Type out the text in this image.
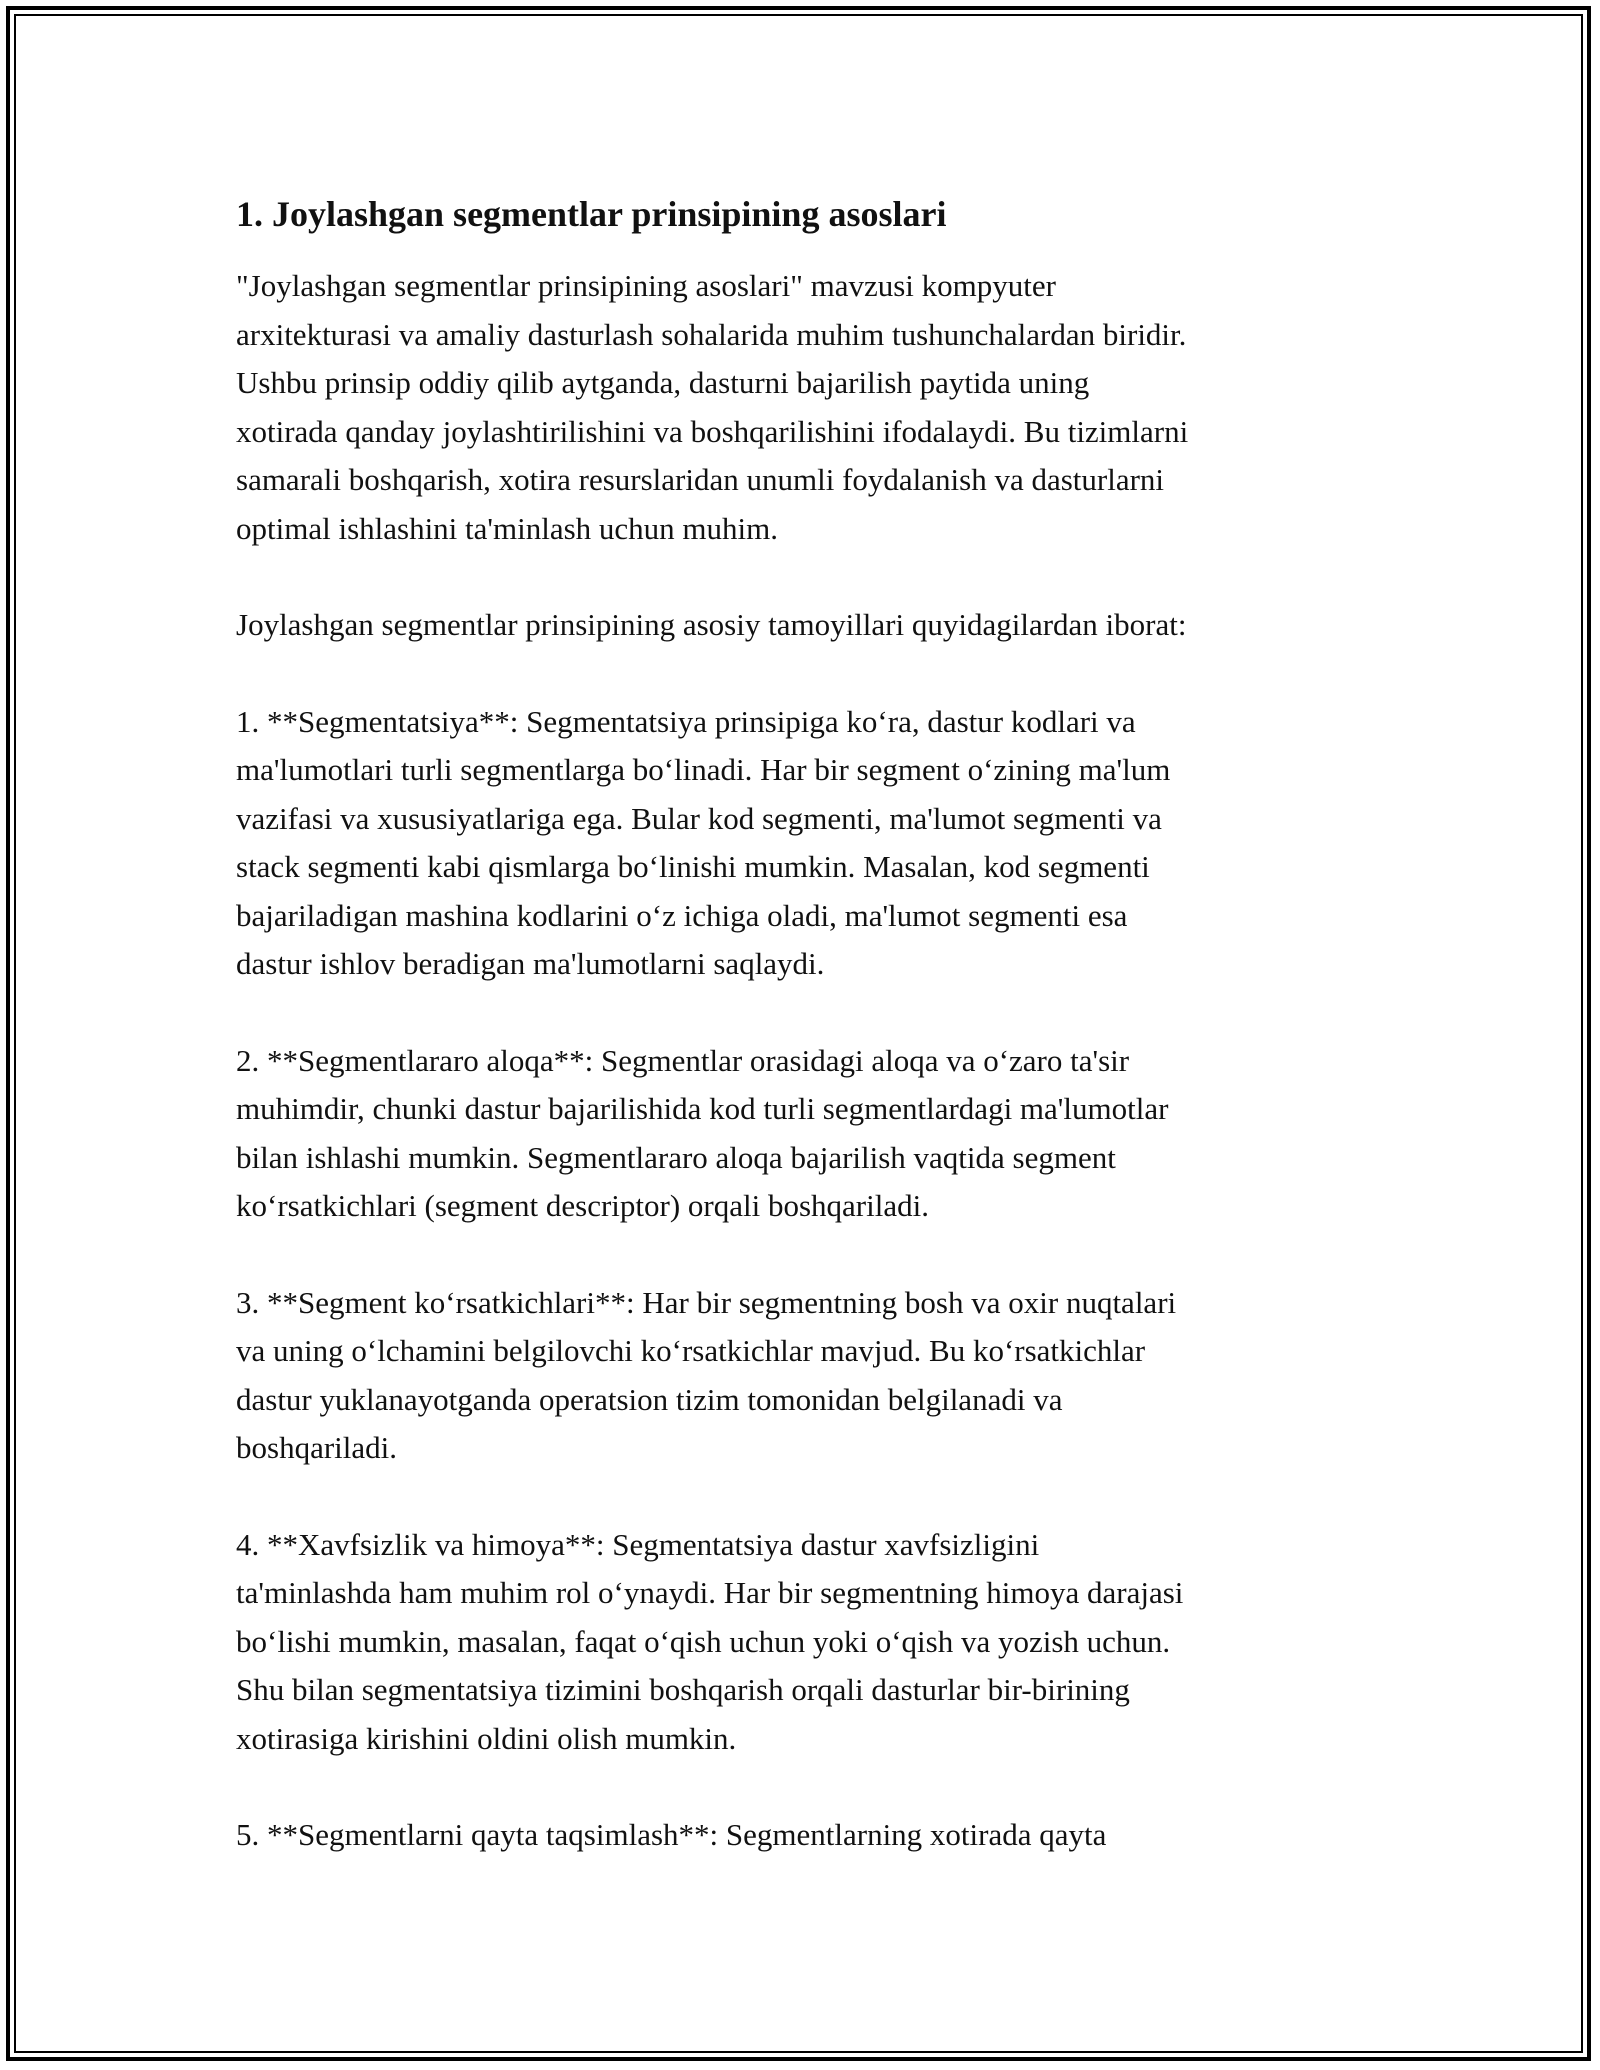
1. Joylashgan segmentlar prinsipining asoslari

"Joylashgan segmentlar prinsipining asoslari" mavzusi kompyuter
arxitekturasi va amaliy dasturlash sohalarida muhim tushunchalardan biridir.
Ushbu prinsip oddiy qilib aytganda, dasturni bajarilish paytida uning
xotirada qanday joylashtirilishini va boshqarilishini ifodalaydi. Bu tizimlarni
samarali boshqarish, xotira resurslaridan unumli foydalanish va dasturlarni
optimal ishlashini ta'minlash uchun muhim.

Joylashgan segmentlar prinsipining asosiy tamoyillari quyidagilardan iborat:

1. **Segmentatsiya**: Segmentatsiya prinsipiga ko‘ra, dastur kodlari va
ma'lumotlari turli segmentlarga bo‘linadi. Har bir segment o‘zining ma'lum
vazifasi va xususiyatlariga ega. Bular kod segmenti, ma'lumot segmenti va
stack segmenti kabi qismlarga bo‘linishi mumkin. Masalan, kod segmenti
bajariladigan mashina kodlarini o‘z ichiga oladi, ma'lumot segmenti esa
dastur ishlov beradigan ma'lumotlarni saqlaydi.

2. **Segmentlararo aloqa**: Segmentlar orasidagi aloqa va o‘zaro ta'sir
muhimdir, chunki dastur bajarilishida kod turli segmentlardagi ma'lumotlar
bilan ishlashi mumkin. Segmentlararo aloqa bajarilish vaqtida segment
ko‘rsatkichlari (segment descriptor) orqali boshqariladi.

3. **Segment ko‘rsatkichlari**: Har bir segmentning bosh va oxir nuqtalari
va uning o‘lchamini belgilovchi ko‘rsatkichlar mavjud. Bu ko‘rsatkichlar
dastur yuklanayotganda operatsion tizim tomonidan belgilanadi va
boshqariladi.

4. **Xavfsizlik va himoya**: Segmentatsiya dastur xavfsizligini
ta'minlashda ham muhim rol o‘ynaydi. Har bir segmentning himoya darajasi
bo‘lishi mumkin, masalan, faqat o‘qish uchun yoki o‘qish va yozish uchun.
Shu bilan segmentatsiya tizimini boshqarish orqali dasturlar bir-birining
xotirasiga kirishini oldini olish mumkin.

5. **Segmentlarni qayta taqsimlash**: Segmentlarning xotirada qayta
